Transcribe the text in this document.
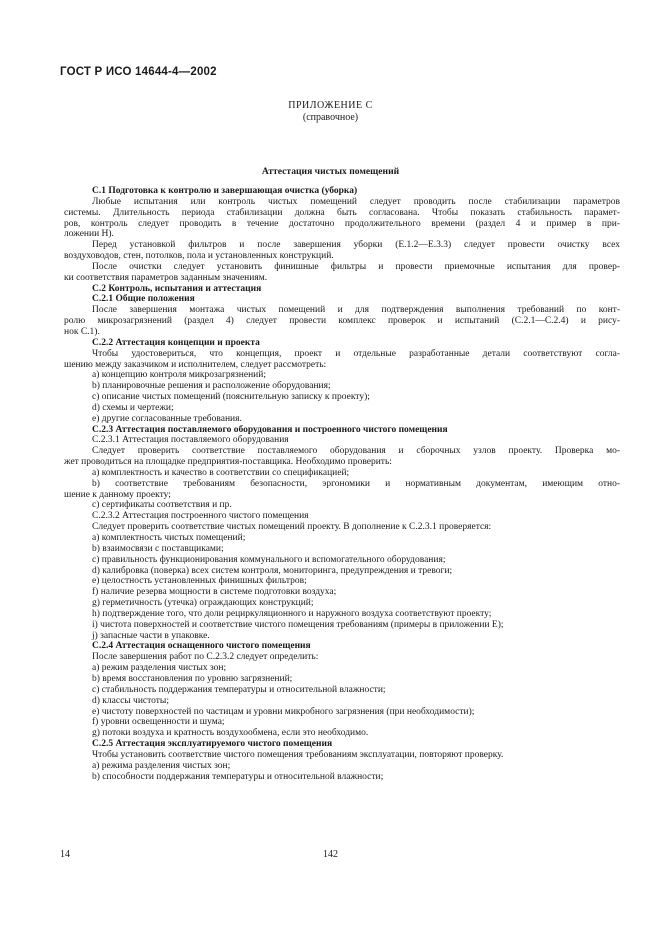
ГОСТ Р ИСО 14644-4—2002
ПРИЛОЖЕНИЕ С
(справочное)
Аттестация чистых помещений
С.1 Подготовка к контролю и завершающая очистка (уборка)
Любые испытания или контроль чистых помещений следует проводить после стабилизации параметров
системы. Длительность периода стабилизации должна быть согласована. Чтобы показать стабильность парамет-
ров, контроль следует проводить в течение достаточно продолжительного времени (раздел 4 и пример в при-
ложении Н).
Перед установкой фильтров и после завершения уборки (Е.1.2—Е.3.3) следует провести очистку всех
воздуховодов, стен, потолков, пола и установленных конструкций.
После очистки следует установить финишные фильтры и провести приемочные испытания для провер-
ки соответствия параметров заданным значениям.
С.2 Контроль, испытания и аттестация
С.2.1 Общие положения
После завершения монтажа чистых помещений и для подтверждения выполнения требований по конт-
ролю микрозагрязнений (раздел 4) следует провести комплекс проверок и испытаний (С.2.1—С.2.4) и рису-
нок С.1).
С.2.2 Аттестация концепции и проекта
Чтобы удостовериться, что концепция, проект и отдельные разработанные детали соответствуют согла-
шению между заказчиком и исполнителем, следует рассмотреть:
а) концепцию контроля микрозагрязнений;
b) планировочные решения и расположение оборудования;
с) описание чистых помещений (пояснительную записку к проекту);
d) схемы и чертежи;
е) другие согласованные требования.
С.2.3 Аттестация поставляемого оборудования и построенного чистого помещения
С.2.3.1 Аттестация поставляемого оборудования
Следует проверить соответствие поставляемого оборудования и сборочных узлов проекту. Проверка мо-
жет проводиться на площадке предприятия-поставщика. Необходимо проверить:
а) комплектность и качество в соответствии со спецификацией;
b) соответствие требованиям безопасности, эргономики и нормативным документам, имеющим отно-
шение к данному проекту;
с) сертификаты соответствия и пр.
С.2.3.2 Аттестация построенного чистого помещения
Следует проверить соответствие чистых помещений проекту. В дополнение к С.2.3.1 проверяется:
а) комплектность чистых помещений;
b) взаимосвязи с поставщиками;
с) правильность функционирования коммунального и вспомогательного оборудования;
d) калибровка (поверка) всех систем контроля, мониторинга, предупреждения и тревоги;
е) целостность установленных финишных фильтров;
f) наличие резерва мощности в системе подготовки воздуха;
g) герметичность (утечка) ограждающих конструкций;
h) подтверждение того, что доли рециркуляционного и наружного воздуха соответствуют проекту;
i) чистота поверхностей и соответствие чистого помещения требованиям (примеры в приложении Е);
j) запасные части в упаковке.
С.2.4 Аттестация оснащенного чистого помещения
После завершения работ по С.2.3.2 следует определить:
а) режим разделения чистых зон;
b) время восстановления по уровню загрязнений;
с) стабильность поддержания температуры и относительной влажности;
d) классы чистоты;
е) чистоту поверхностей по частицам и уровни микробного загрязнения (при необходимости);
f) уровни освещенности и шума;
g) потоки воздуха и кратность воздухообмена, если это необходимо.
С.2.5 Аттестация эксплуатируемого чистого помещения
Чтобы установить соответствие чистого помещения требованиям эксплуатации, повторяют проверку.
а) режима разделения чистых зон;
b) способности поддержания температуры и относительной влажности;
14	142
